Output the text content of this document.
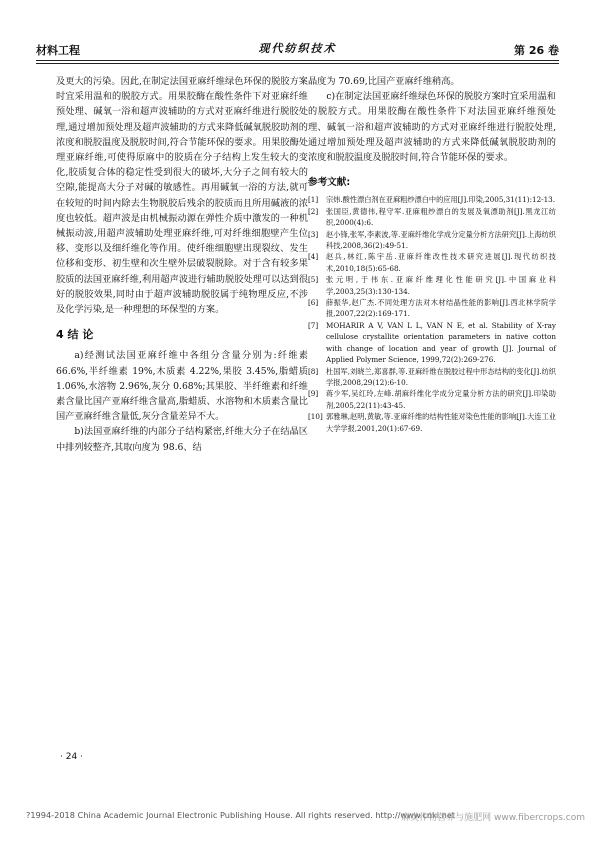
材料工程	现代纺织技术	第 26 卷

及更大的污染。因此,在制定法国亚麻纤维绿色环保的脱胶方案时宜采用温和的脱胶方式。用果胶酶在酸性条件下对亚麻纤维预处理、碱氧一浴和超声波辅助的方式对亚麻纤维进行脱胶处理,通过增加预处理及超声波辅助的方式来降低碱氧脱胶助剂的浓度和脱胶温度及脱胶时间,符合节能环保的要求。用果胶酶处理亚麻纤维,可使得原麻中的胶质在分子结构上发生较大的变化,胶质复合体的稳定性受到很大的破坏,大分子之间有较大的空隙,能提高大分子对碱的敏感性。再用碱氧一浴的方法,就可在较短的时间内除去生物脱胶后残余的胶质而且所用碱液的浓度也较低。超声波是由机械振动源在弹性介质中激发的一种机械振动波,用超声波辅助处理亚麻纤维,可对纤维细胞壁产生位移、变形以及细纤维化等作用。使纤维细胞壁出现裂纹、发生位移和变形、初生壁和次生壁外层破裂脱除。对于含有较多果胶质的法国亚麻纤维,利用超声波进行辅助脱胶处理可以达到很好的脱胶效果,同时由于超声波辅助脱胶属于纯物理反应,不涉及化学污染,是一种理想的环保型的方案。

4 结 论

a)经测试法国亚麻纤维中各组分含量分别为:纤维素 66.6%,半纤维素 19%,木质素 4.22%,果胶 3.45%,脂蜡质 1.06%,水溶物 2.96%,灰分 0.68%;其果胶、半纤维素和纤维素含量比国产亚麻纤维含量高,脂蜡质、水溶物和木质素含量比国产亚麻纤维含量低,灰分含量差异不大。

b)法国亚麻纤维的内部分子结构紧密,纤维大分子在结晶区中排列较整齐,其取向度为 98.6、结

晶度为 70.69,比国产亚麻纤维稍高。

c)在制定法国亚麻纤维绿色环保的脱胶方案时宜采用温和的脱胶方式。用果胶酶在酸性条件下对法国亚麻纤维预处理、碱氧一浴和超声波辅助的方式对亚麻纤维进行脱胶处理,通过增加预处理及超声波辅助的方式来降低碱氧脱胶助剂的浓度和脱胶温度及脱胶时间,符合节能环保的要求。

参考文献:
[1] 宗炜.酸性漂白剂在亚麻粗纱漂白中的应用[J].印染,2005,31(11):12-13.
[2] 张国臣,黄德伟,程守军.亚麻粗纱漂白的发展及氧漂助剂[J].黑龙江纺织,2000(4):6.
[3] 赵小锋,张军,李素波,等.亚麻纤维化学成分定量分析方法研究[J].上海纺织科技,2008,36(2):49-51.
[4] 赵兵,林红,陈宇岳.亚麻纤维改性技术研究进展[J].现代纺织技术,2010,18(5):65-68.
[5] 张元明,于伟东.亚麻纤维理化性能研究[J].中国麻业科学,2003,25(3):130-134.
[6] 薛振华,赵广杰.不同处理方法对木材结晶性能的影响[J].西北林学院学报,2007,22(2):169-171.
[7] MOHARIR A V, VAN L L, VAN N E, et al. Stability of X-ray cellulose crystallite orientation parameters in native cotton with change of location and year of growth [J]. Journal of Applied Polymer Science, 1999,72(2):269-276.
[8] 杜国军,刘晓兰,郑喜群,等.亚麻纤维在脱胶过程中形态结构的变化[J].纺织学报,2008,29(12):6-10.
[9] 蒋少军,吴红玲,左峰.胡麻纤维化学成分定量分析方法的研究[J].印染助剂,2005,22(11):43-45.
[10] 郭雅琳,赵明,黄敏,等.亚麻纤维的结构性能对染色性能的影响[J].大连工业大学学报,2001,20(1):67-69.
· 24 ·
?1994-2018 China Academic Journal Electronic Publishing House. All rights reserved. http://www.cnki.net
麻类作物营养与施肥网 www.fibercrops.com
